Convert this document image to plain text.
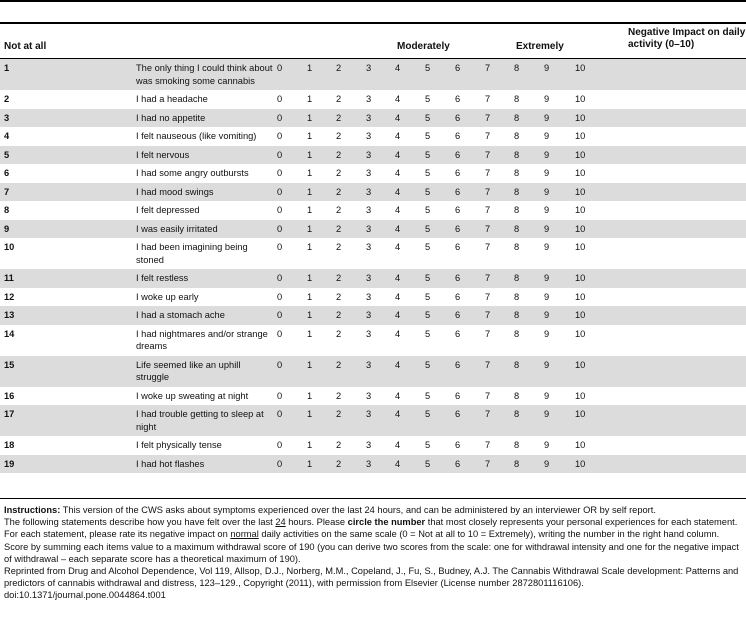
Negative Impact on daily activity (0–10)
Not at all	Moderately	Extremely
1	The only thing I could think about was smoking some cannabis	0	1	2	3	4	5	6	7	8	9	10	
2	I had a headache	0	1	2	3	4	5	6	7	8	9	10	
3	I had no appetite	0	1	2	3	4	5	6	7	8	9	10	
4	I felt nauseous (like vomiting)	0	1	2	3	4	5	6	7	8	9	10	
5	I felt nervous	0	1	2	3	4	5	6	7	8	9	10	
6	I had some angry outbursts	0	1	2	3	4	5	6	7	8	9	10	
7	I had mood swings	0	1	2	3	4	5	6	7	8	9	10	
8	I felt depressed	0	1	2	3	4	5	6	7	8	9	10	
9	I was easily irritated	0	1	2	3	4	5	6	7	8	9	10	
10	I had been imagining being stoned	0	1	2	3	4	5	6	7	8	9	10	
11	I felt restless	0	1	2	3	4	5	6	7	8	9	10	
12	I woke up early	0	1	2	3	4	5	6	7	8	9	10	
13	I had a stomach ache	0	1	2	3	4	5	6	7	8	9	10	
14	I had nightmares and/or strange dreams	0	1	2	3	4	5	6	7	8	9	10	
15	Life seemed like an uphill struggle	0	1	2	3	4	5	6	7	8	9	10	
16	I woke up sweating at night	0	1	2	3	4	5	6	7	8	9	10	
17	I had trouble getting to sleep at night	0	1	2	3	4	5	6	7	8	9	10	
18	I felt physically tense	0	1	2	3	4	5	6	7	8	9	10	
19	I had hot flashes	0	1	2	3	4	5	6	7	8	9	10	

Instructions: This version of the CWS asks about symptoms experienced over the last 24 hours, and can be administered by an interviewer OR by self report.

The following statements describe how you have felt over the last 24 hours. Please circle the number that most closely represents your personal experiences for each statement. For each statement, please rate its negative impact on normal daily activities on the same scale (0 = Not at all to 10 = Extremely), writing the number in the right hand column.

Score by summing each items value to a maximum withdrawal score of 190 (you can derive two scores from the scale: one for withdrawal intensity and one for the negative impact of withdrawal – each separate score has a theoretical maximum of 190).

Reprinted from Drug and Alcohol Dependence, Vol 119, Allsop, D.J., Norberg, M.M., Copeland, J., Fu, S., Budney, A.J. The Cannabis Withdrawal Scale development: Patterns and predictors of cannabis withdrawal and distress, 123–129., Copyright (2011), with permission from Elsevier (License number 2872801116106).

doi:10.1371/journal.pone.0044864.t001
